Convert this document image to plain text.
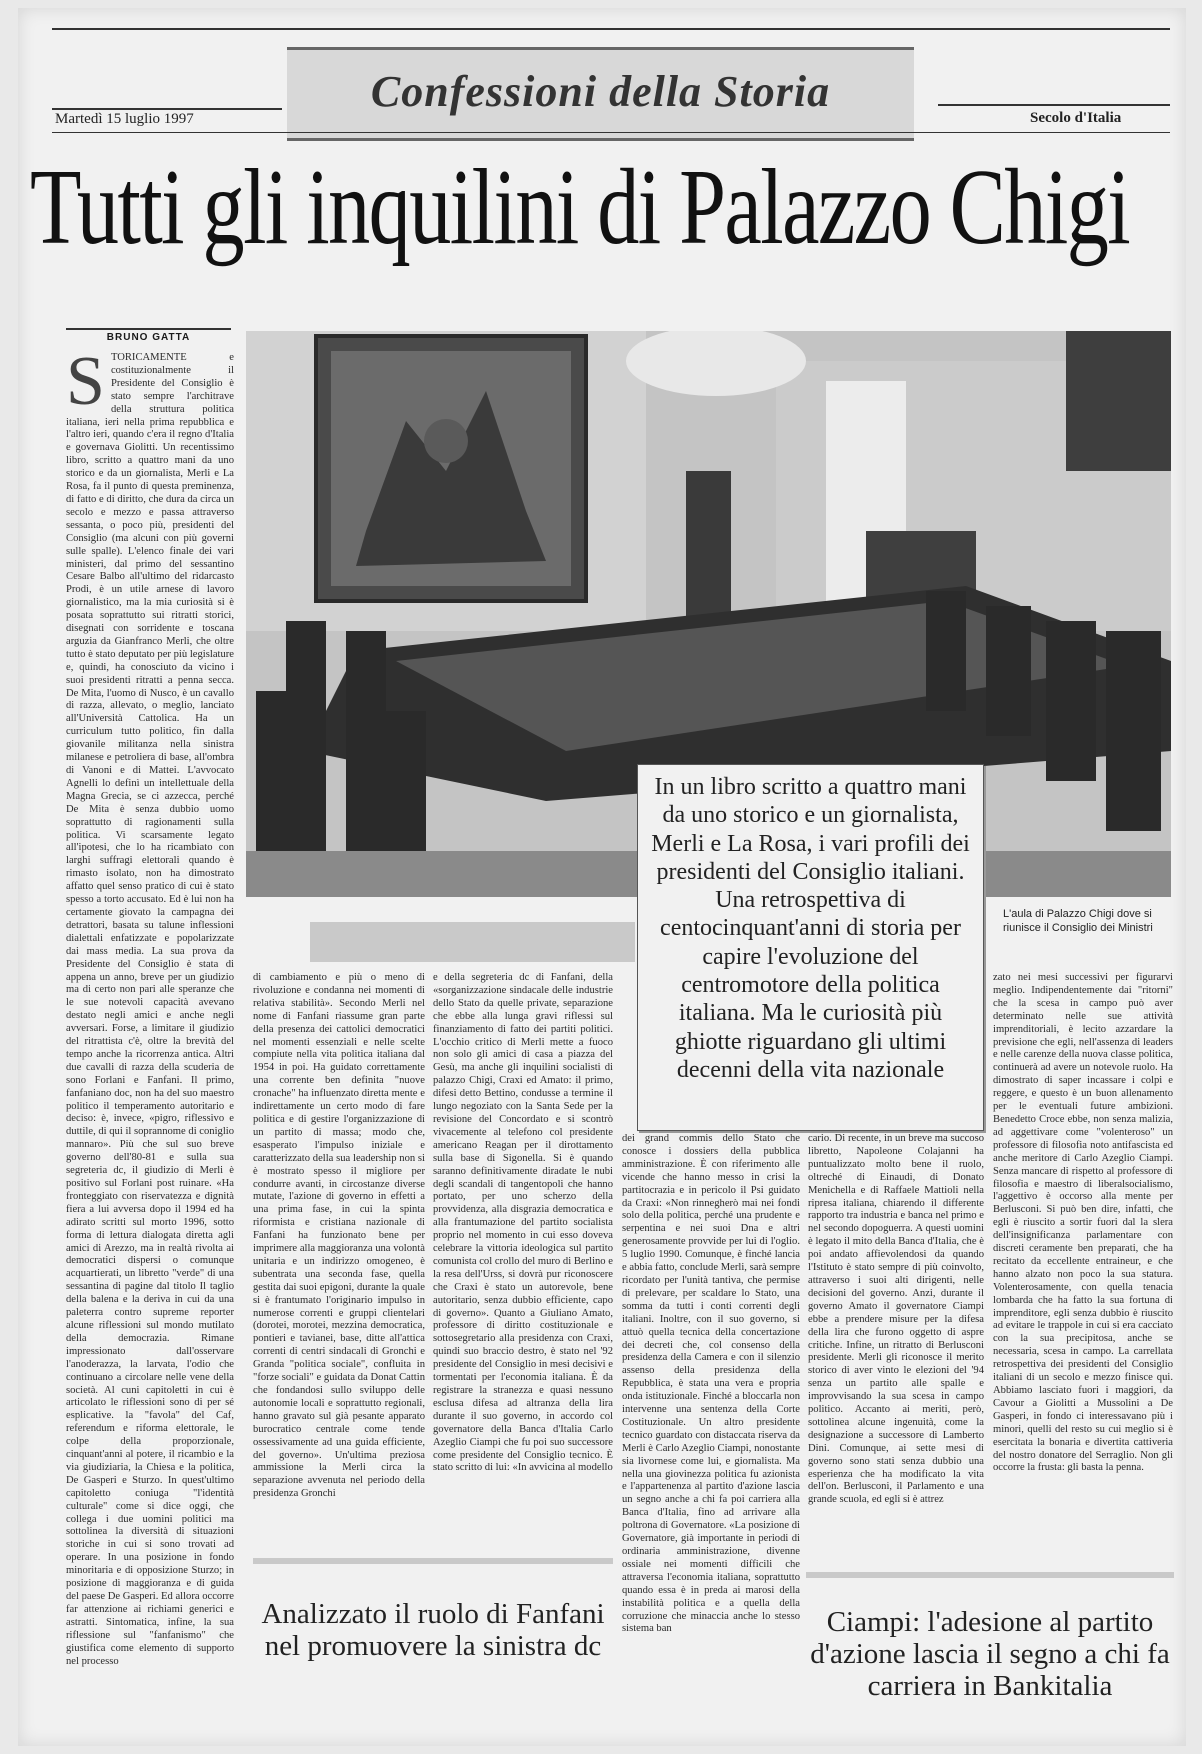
Confessioni della Storia
Martedì 15 luglio 1997	Secolo d'Italia
Tutti gli inquilini di Palazzo Chigi
BRUNO GATTA
STORICAMENTE e costituzionalmente il Presidente del Consiglio è stato sempre l'architrave della struttura politica italiana, ieri nella prima repubblica e l'altro ieri, quando c'era il regno d'Italia e governava Giolitti. Un recentissimo libro, scritto a quattro mani da uno storico e da un giornalista, Merli e La Rosa, fa il punto di questa preminenza, di fatto e di diritto, che dura da circa un secolo e mezzo e passa attraverso sessanta, o poco più, presidenti del Consiglio (ma alcuni con più governi sulle spalle). L'elenco finale dei vari ministeri, dal primo del sessantino Cesare Balbo all'ultimo del ridarcasto Prodi, è un utile arnese di lavoro giornalistico, ma la mia curiosità si è posata soprattutto sui ritratti storici, disegnati con sorridente e toscana arguzia da Gianfranco Merli, che oltre tutto è stato deputato per più legislature e, quindi, ha conosciuto da vicino i suoi presidenti ritratti a penna secca. De Mita, l'uomo di Nusco, è un cavallo di razza, allevato, o meglio, lanciato all'Università Cattolica. Ha un curriculum tutto politico, fin dalla giovanile militanza nella sinistra milanese e petroliera di base, all'ombra di Vanoni e di Mattei. L'avvocato Agnelli lo definì un intellettuale della Magna Grecia, se ci azzecca, perché De Mita è senza dubbio uomo soprattutto di ragionamenti sulla politica. Vi scarsamente legato all'ipotesi, che lo ha ricambiato con larghi suffragi elettorali quando è rimasto isolato, non ha dimostrato affatto quel senso pratico di cui è stato spesso a torto accusato. Ed è lui non ha certamente giovato la campagna dei detrattori, basata su talune inflessioni dialettali enfatizzate e popolarizzate dai mass media. La sua prova da Presidente del Consiglio è stata di appena un anno, breve per un giudizio ma di certo non pari alle speranze che le sue notevoli capacità avevano destato negli amici e anche negli avversari. Forse, a limitare il giudizio del ritrattista c'è, oltre la brevità del tempo anche la ricorrenza antica. Altri due cavalli di razza della scuderia de sono Forlani e Fanfani. Il primo, fanfaniano doc, non ha del suo maestro politico il temperamento autoritario e deciso: è, invece, «pigro, riflessivo e duttile, di qui il soprannome di coniglio mannaro». Più che sul suo breve governo dell'80-81 e sulla sua segreteria dc, il giudizio di Merli è positivo sul Forlani post ruinare. «Ha fronteggiato con riservatezza e dignità fiera a lui avversa dopo il 1994 ed ha adirato scritti sul morto 1996, sotto forma di lettura dialogata diretta agli amici di Arezzo, ma in realtà rivolta ai democratici dispersi o comunque acquartierati, un libretto "verde" di una sessantina di pagine dal titolo Il taglio della balena e la deriva in cui da una paleterra contro supreme reporter alcune riflessioni sul mondo mutilato della democrazia. Rimane impressionato dall'osservare l'anoderazza, la larvata, l'odio che continuano a circolare nelle vene della società. Al cuni capitoletti in cui è articolato le riflessioni sono di per sé esplicative. la "favola" del Caf, referendum e riforma elettorale, le colpe della proporzionale, cinquant'anni al potere, il ricambio e la via giudiziaria, la Chiesa e la politica, De Gasperi e Sturzo. In quest'ultimo capitoletto coniuga "l'identità culturale" come si dice oggi, che collega i due uomini politici ma sottolinea la diversità di situazioni storiche in cui si sono trovati ad operare. In una posizione in fondo minoritaria e di opposizione Sturzo; in posizione di maggioranza e di guida del paese De Gasperi. Ed allora occorre far attenzione ai richiami generici e astratti. Sintomatica, infine, la sua riflessione sul "fanfanismo" che giustifica come elemento di supporto nel processo
In un libro scritto a quattro mani da uno storico e un giornalista, Merli e La Rosa, i vari profili dei presidenti del Consiglio italiani. Una retrospettiva di centocinquant'anni di storia per capire l'evoluzione del centromotore della politica italiana. Ma le curiosità più ghiotte riguardano gli ultimi decenni della vita nazionale
L'aula di Palazzo Chigi dove si riunisce il Consiglio dei Ministri
di cambiamento e più o meno di rivoluzione e condanna nei momenti di relativa stabilità». Secondo Merli nel nome di Fanfani riassume gran parte della presenza dei cattolici democratici nel momenti essenziali e nelle scelte compiute nella vita politica italiana dal 1954 in poi. Ha guidato correttamente una corrente ben definita "nuove cronache" ha influenzato diretta mente e indirettamente un certo modo di fare politica e di gestire l'organizzazione di un partito di massa; modo che, esasperato l'impulso iniziale e caratterizzato della sua leadership non si è mostrato spesso il migliore per condurre avanti, in circostanze diverse mutate, l'azione di governo in effetti a una prima fase, in cui la spinta riformista e cristiana nazionale di Fanfani ha funzionato bene per imprimere alla maggioranza una volontà unitaria e un indirizzo omogeneo, è subentrata una seconda fase, quella gestita dai suoi epigoni, durante la quale si è frantumato l'originario impulso in numerose correnti e gruppi clientelari (dorotei, morotei, mezzina democratica, pontieri e tavianei, base, ditte all'attica correnti di centri sindacali di Gronchi e Granda "politica sociale", confluita in "forze sociali" e guidata da Donat Cattin che fondandosi sullo sviluppo delle autonomie locali e soprattutto regionali, hanno gravato sul già pesante apparato burocratico centrale come tende ossessivamente ad una guida efficiente, del governo». Un'ultima preziosa ammissione la Merli circa la separazione avvenuta nel periodo della presidenza Gronchi
e della segreteria dc di Fanfani, della «sorganizzazione sindacale delle industrie dello Stato da quelle private, separazione che ebbe alla lunga gravi riflessi sul finanziamento di fatto dei partiti politici. L'occhio critico di Merli mette a fuoco non solo gli amici di casa a piazza del Gesù, ma anche gli inquilini socialisti di palazzo Chigi, Craxi ed Amato: il primo, difesi detto Bettino, condusse a termine il lungo negoziato con la Santa Sede per la revisione del Concordato e si scontrò vivacemente al telefono col presidente americano Reagan per il dirottamento sulla base di Sigonella. Si è quando saranno definitivamente diradate le nubi degli scandali di tangentopoli che hanno portato, per uno scherzo della provvidenza, alla disgrazia democratica e alla frantumazione del partito socialista proprio nel momento in cui esso doveva celebrare la vittoria ideologica sul partito comunista col crollo del muro di Berlino e la resa dell'Urss, si dovrà pur riconoscere che Craxi è stato un autorevole, bene autoritario, senza dubbio efficiente, capo di governo». Quanto a Giuliano Amato, professore di diritto costituzionale e sottosegretario alla presidenza con Craxi, quindi suo braccio destro, è stato nel '92 presidente del Consiglio in mesi decisivi e tormentati per l'economia italiana. È da registrare la stranezza e quasi nessuno esclusa difesa ad altranza della lira durante il suo governo, in accordo col governatore della Banca d'Italia Carlo Azeglio Ciampi che fu poi suo successore come presidente del Consiglio tecnico. È stato scritto di lui: «In avvicina al modello
dei grand commis dello Stato che conosce i dossiers della pubblica amministrazione. È con riferimento alle vicende che hanno messo in crisi la partitocrazia e in pericolo il Psi guidato da Craxi: «Non rinnegherò mai nei fondi solo della politica, perché una prudente e serpentina e nei suoi Dna e altri generosamente provvide per lui di l'oglio. 5 luglio 1990. Comunque, è finché lancia e abbia fatto, conclude Merli, sarà sempre ricordato per l'unità tantiva, che permise di prelevare, per scaldare lo Stato, una somma da tutti i conti correnti degli italiani. Inoltre, con il suo governo, si attuò quella tecnica della concertazione dei decreti che, col consenso della presidenza della Camera e con il silenzio assenso della presidenza della Repubblica, è stata una vera e propria onda istituzionale. Finché a bloccarla non intervenne una sentenza della Corte Costituzionale. Un altro presidente tecnico guardato con distaccata riserva da Merli è Carlo Azeglio Ciampi, nonostante sia livornese come lui, e giornalista. Ma nella una giovinezza politica fu azionista e l'appartenenza al partito d'azione lascia un segno anche a chi fa poi carriera alla Banca d'Italia, fino ad arrivare alla poltrona di Governatore. «La posizione di Governatore, già importante in periodi di ordinaria amministrazione, divenne ossiale nei momenti difficili che attraversa l'economia italiana, soprattutto quando essa è in preda ai marosi della instabilità politica e a quella della corruzione che minaccia anche lo stesso sistema ban
cario. Di recente, in un breve ma succoso libretto, Napoleone Colajanni ha puntualizzato molto bene il ruolo, oltreché di Einaudi, di Donato Menichella e di Raffaele Mattioli nella ripresa italiana, chiarendo il differente rapporto tra industria e banca nel primo e nel secondo dopoguerra. A questi uomini è legato il mito della Banca d'Italia, che è poi andato affievolendosi da quando l'Istituto è stato sempre di più coinvolto, attraverso i suoi alti dirigenti, nelle decisioni del governo. Anzi, durante il governo Amato il governatore Ciampi ebbe a prendere misure per la difesa della lira che furono oggetto di aspre critiche. Infine, un ritratto di Berlusconi presidente. Merli gli riconosce il merito storico di aver vinto le elezioni del '94 senza un partito alle spalle e improvvisando la sua scesa in campo politico. Accanto ai meriti, però, sottolinea alcune ingenuità, come la designazione a successore di Lamberto Dini. Comunque, ai sette mesi di governo sono stati senza dubbio una esperienza che ha modificato la vita dell'on. Berlusconi, il Parlamento e una grande scuola, ed egli si è attrez
zato nei mesi successivi per figurarvi meglio. Indipendentemente dai "ritorni" che la scesa in campo può aver determinato nelle sue attività imprenditoriali, è lecito azzardare la previsione che egli, nell'assenza di leaders e nelle carenze della nuova classe politica, continuerà ad avere un notevole ruolo. Ha dimostrato di saper incassare i colpi e reggere, e questo è un buon allenamento per le eventuali future ambizioni. Benedetto Croce ebbe, non senza malizia, ad aggettivare come "volenteroso" un professore di filosofia noto antifascista ed anche meritore di Carlo Azeglio Ciampi. Senza mancare di rispetto al professore di filosofia e maestro di liberalsocialismo, l'aggettivo è occorso alla mente per Berlusconi. Si può ben dire, infatti, che egli è riuscito a sortir fuori dal la slera dell'insignificanza parlamentare con discreti ceramente ben preparati, che ha recitato da eccellente entraineur, e che hanno alzato non poco la sua statura. Volenterosamente, con quella tenacia lombarda che ha fatto la sua fortuna di imprenditore, egli senza dubbio è riuscito ad evitare le trappole in cui si era cacciato con la sua precipitosa, anche se necessaria, scesa in campo. La carrellata retrospettiva dei presidenti del Consiglio italiani di un secolo e mezzo finisce qui. Abbiamo lasciato fuori i maggiori, da Cavour a Giolitti a Mussolini a De Gasperi, in fondo ci interessavano più i minori, quelli del resto su cui meglio si è esercitata la bonaria e divertita cattiveria del nostro donatore del Serraglio. Non gli occorre la frusta: gli basta la penna.
Analizzato il ruolo di Fanfani nel promuovere la sinistra dc
Ciampi: l'adesione al partito d'azione lascia il segno a chi fa carriera in Bankitalia
